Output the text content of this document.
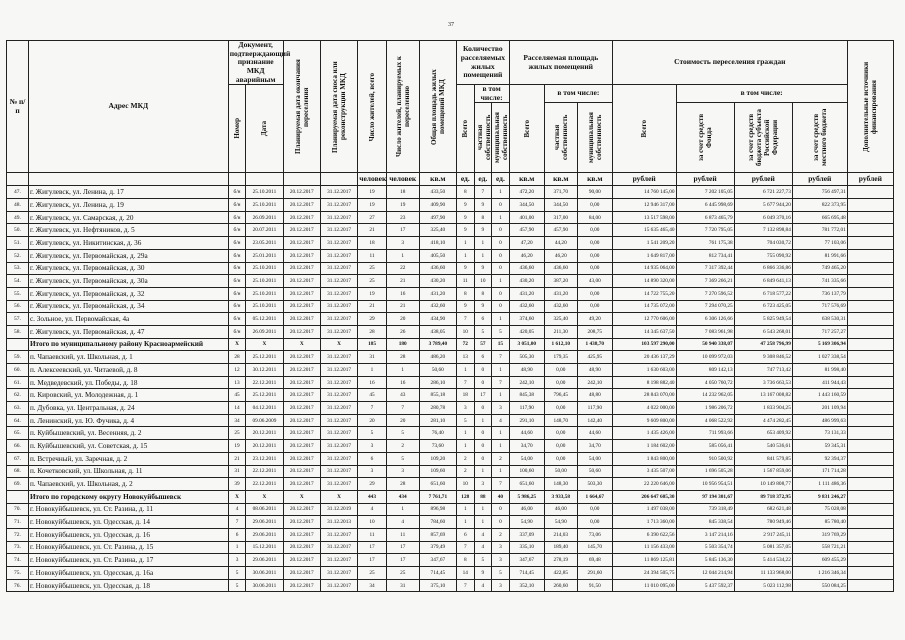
37
№ п/п	Адрес МКД	Документ, подтверждающий признание МКД аварийным		Планируемая дата окончания переселения	Планируемая дата сноса или реконструкции МКД	Число жителей, всего	Число жителей, планируемых к переселению	Общая площадь жилых помещений МКД	Количество расселяемых жилых помещений			Расселяемая площадь жилых помещений			Стоимость переселения граждан				Дополнительные источники финансирования

		Номер	Дата						Всего	в том числе:		Всего	в том числе:		Всего	в том числе:			

										частная собственность	муниципальная собственность		частная собственность	муниципальная собственность		за счет средств Фонда	за счет средств бюджета субъекта Российской Федерации	за счет средств местного бюджета	

						человек	человек	кв.м	ед.	ед.	ед.	кв.м	кв.м	кв.м	рублей	рублей	рублей	рублей	рублей
47.	г. Жигулевск, ул. Ленина, д. 17	б/н	25.10.2011	20.12.2017	31.12.2017	19	18	433,50	8	7	1	472,20	371,70	90,00	14 760 145,00	7 202 105,05	6 721 227,73	756 497,31	
48.	г. Жигулевск, ул. Ленина, д. 19	б/н	25.10.2011	20.12.2017	31.12.2017	19	19	409,90	9	9	0	344,50	344,50	0,00	12 946 317,00	6 445 998,69	5 677 944,20	822 373,95	
49.	г. Жигулевск, ул. Самарская, д. 20	б/н	26.09.2011	20.12.2017	31.12.2017	27	23	497,90	9	8	1	401,00	317,00	84,00	13 517 598,00	6 873 465,79	6 049 370,16	665 695,48	
50.	г. Жигулевск, ул. Нефтяников, д. 5	б/н	20.07.2011	20.12.2017	31.12.2017	21	17	325,40	9	9	0	457,90	457,90	0,00	15 635 465,40	7 720 795,05	7 132 898,84	781 772,01	
51.	г. Жигулевск, ул. Никитинская, д. 36	б/н	23.05.2011	20.12.2017	31.12.2017	18	3	418,10	1	1	0	47,20	44,20	0,00	1 541 209,20	761 175,38	704 030,72	77 103,06	
52.	г. Жигулевск, ул. Первомайская, д. 29а	б/н	25.01.2011	20.12.2017	31.12.2017	11	1	405,50	1	1	0	46,20	46,20	0,00	1 649 817,00	812 734,41	755 090,92	81 991,66	
53.	г. Жигулевск, ул. Первомайская, д. 30	б/н	25.10.2011	20.12.2017	31.12.2017	25	22	436,60	9	9	0	436,60	436,60	0,00	14 935 064,00	7 317 392,44	6 866 336,86	749 465,20	
54.	г. Жигулевск, ул. Первомайская, д. 30а	б/н	25.10.2011	20.12.2017	31.12.2017	25	21	430,20	11	10	1	430,20	387,20	43,00	14 890 320,00	7 369 266,21	6 849 641,13	741 335,66	
55.	г. Жигулевск, ул. Первомайская, д. 32	б/н	25.10.2011	20.12.2017	31.12.2017	19	16	431,20	8	8	0	431,20	431,20	0,00	14 722 755,20	7 270 596,52	6 718 577,22	736 137,79	
56.	г. Жигулевск, ул. Первомайская, д. 34	б/н	25.10.2011	20.12.2017	31.12.2017	21	21	432,60	9	9	0	432,60	432,60	0,00	14 735 072,00	7 294 070,25	6 723 425,05	717 576,69	
57.	с. Зольное, ул. Первомайская, 4а	б/н	05.12.2011	20.12.2017	31.12.2017	29	20	434,90	7	6	1	374,60	325,40	49,20	12 770 606,00	6 306 126,66	5 825 949,54	638 530,31	
58.	г. Жигулевск, ул. Первомайская, д. 47	б/н	26.09.2011	20.12.2017	31.12.2017	28	26	438,05	10	5	5	420,05	211,30	208,75	14 345 637,50	7 083 961,98	6 543 268,01	717 257,27	
	Итого по муниципальному району Красноармейский	X	X	X	X	185	180	3 789,40	72	57	15	3 051,00	1 612,10	1 438,70	103 597 290,00	50 940 338,07	47 258 796,99	5 169 306,94	
59.	п. Чапаевский, ул. Школьная, д. 1	28	25.12.2011	20.12.2017	31.12.2017	31	28	486,20	13	6	7	505,30	179,35	425,95	20 436 137,29	10 099 972,03	9 308 846,52	1 027 338,54	
60.	п. Алексеевский, ул. Читаевой, д. 8	12	30.12.2011	20.12.2017	31.12.2017	1	1	50,60	1	0	1	48,90	0,00	48,90	1 630 603,00	809 142,13	747 713,42	81 998,40	
61.	п. Медведевский, ул. Победы, д. 18	13	22.12.2011	20.12.2017	31.12.2017	16	16	286,10	7	0	7	242,10	0,00	242,10	8 198 882,40	4 050 760,72	3 736 663,53	411 944,43	
62.	п. Кировский, ул. Молодежная, д. 1	45	25.12.2011	20.12.2017	31.12.2017	45	43	855,18	18	17	1	845,38	796,45	48,80	28 843 070,00	14 232 962,05	13 167 008,82	1 443 160,59	
63.	п. Дубовка, ул. Центральная, д. 24	14	04.12.2011	20.12.2017	31.12.2017	7	7	280,78	3	0	3	117,90	0,00	117,90	4 022 000,00	1 986 206,72	1 833 904,25	201 109,94	
64.	п. Ленинский, ул. Ю. Фучика, д. 4	34	09.06.2009	20.12.2017	31.12.2017	20	20	281,10	5	1	4	291,10	148,70	142,40	9 609 800,00	4 068 522,92	4 474 282,45	486 999,63	
65.	п. Куйбышевский, ул. Весенняя, д. 2	25	20.12.2011	20.12.2017	31.12.2017	5	5	76,40	1	0	1	44,60	0,00	44,60	1 435 426,00	711 993,66	653 409,92	73 131,33	
66.	п. Куйбышевский, ул. Советская, д. 15	19	20.12.2011	20.12.2017	31.12.2017	3	2	73,60	1	0	1	34,70	0,00	34,70	1 184 602,00	585 056,41	540 536,61	59 345,31	
67.	п. Встречный, ул. Заречная, д. 2	21	23.12.2011	20.12.2017	31.12.2017	6	5	109,20	2	0	2	54,00	0,00	54,00	1 843 800,00	910 500,92	841 579,85	92 394,37	
68.	п. Кочетковский, ул. Школьная, д. 11	31	22.12.2011	20.12.2017	31.12.2017	3	3	109,60	2	1	1	100,60	50,00	50,60	3 435 507,00	1 696 505,28	1 567 859,06	171 714,28	
69.	п. Чапаевский, ул. Школьная, д. 2	39	22.12.2011	20.12.2017	31.12.2017	29	28	651,60	10	3	7	651,60	148,30	503,30	22 220 646,00	10 956 954,51	10 149 808,77	1 111 486,36	
	Итого по городскому округу Новокуйбышевск	X	X	X	X	443	434	7 761,71	128	88	40	5 986,25	3 933,58	1 664,67	206 647 605,30	97 194 301,67	89 718 372,95	9 831 246,27	
70.	г. Новокуйбышевск, ул. Ст. Разина, д. 11	4	08.06.2011	20.12.2017	31.12.2019	4	1	896,98	1	1	0	46,00	46,00	0,00	1 497 038,00	739 318,49	682 621,48	75 028,08	
71.	г. Новокуйбышевск, ул. Одесская, д. 14	7	29.06.2011	20.12.2017	31.12.2013	10	4	784,60	1	1	0	54,90	54,90	0,00	1 713 360,00	845 338,54	780 949,46	85 780,40	
72.	г. Новокуйбышевск, ул. Одесская, д. 16	6	29.06.2011	20.12.2017	31.12.2017	11	11	857,69	6	4	2	337,09	214,03	73,06	6 390 622,56	3 147 214,16	2 917 245,11	319 769,29	
73.	г. Новокуйбышевск, ул. Ст. Разина, д. 15	1	15.12.2011	20.12.2017	31.12.2017	17	17	379,49	7	4	3	335,10	189,40	145,70	11 156 433,00	5 503 354,74	5 081 357,05	558 721,21	
74.	г. Новокуйбышевск, ул. Ст. Разина, д. 17	3	29.06.2011	20.12.2017	31.12.2017	17	17	347,67	8	5	3	347,67	278,19	69,48	11 869 125,81	5 845 136,30	5 414 534,22	609 455,29	
75.	г. Новокуйбышевск, ул. Одесская, д. 16а	5	30.06.2011	20.12.2017	31.12.2017	25	25	714,45	14	9	5	714,45	422,85	291,60	24 394 505,75	12 044 214,94	11 133 968,00	1 216 346,34	
76.	г. Новокуйбышевск, ул. Одесская, д. 18	5	30.06.2011	20.12.2017	31.12.2017	34	31	375,10	7	4	3	352,10	260,60	91,50	11 010 095,00	5 437 592,37	5 023 112,98	550 084,25	
